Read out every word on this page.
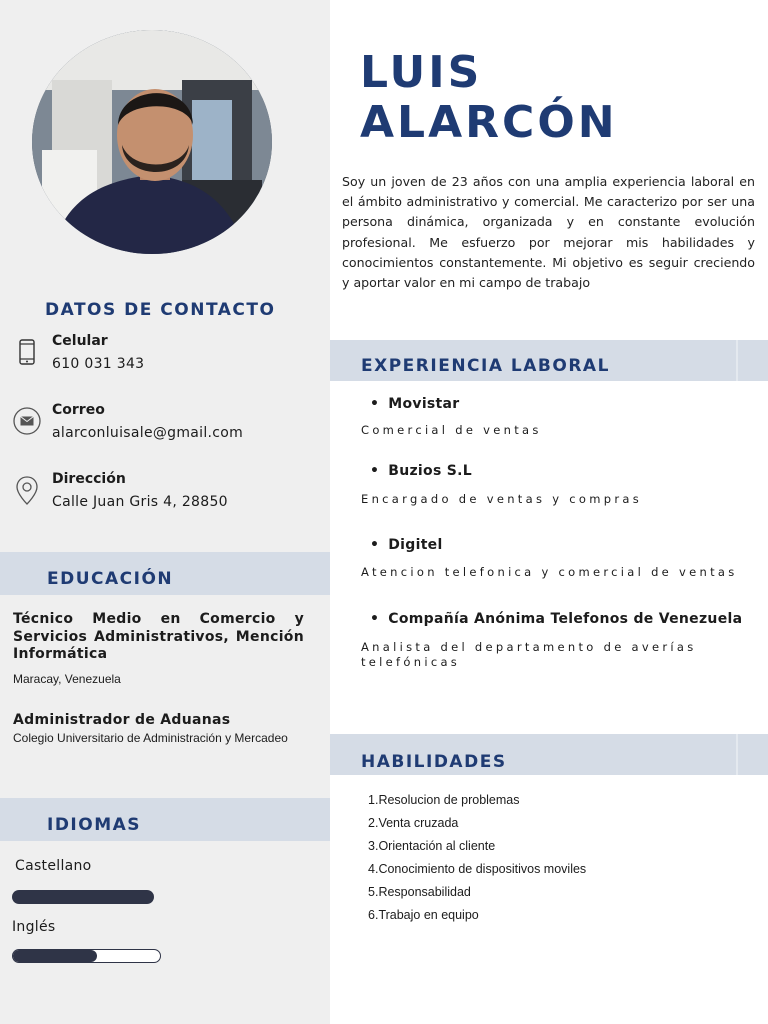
DATOS DE CONTACTO
Celular
610 031 343
Correo
alarconluisale@gmail.com
Dirección
Calle Juan Gris 4, 28850
EDUCACIÓN
Técnico Medio en Comercio y Servicios Administrativos, Mención Informática
Maracay, Venezuela
Administrador de Aduanas
Colegio Universitario de Administración y Mercadeo
IDIOMAS
Castellano
Inglés
LUIS
ALARCÓN

Soy un joven de 23 años con una amplia experiencia laboral en el ámbito administrativo y comercial. Me caracterizo por ser una persona dinámica, organizada y en constante evolución profesional. Me esfuerzo por mejorar mis habilidades y conocimientos constantemente. Mi objetivo es seguir creciendo y aportar valor en mi campo de trabajo

EXPERIENCIA LABORAL
• Movistar
Comercial de ventas
• Buzios S.L
Encargado de ventas y compras
• Digitel
Atencion telefonica y comercial de ventas
• Compañía Anónima Telefonos de Venezuela
Analista del departamento de averías telefónicas
HABILIDADES
1.Resolucion de problemas
2.Venta cruzada
3.Orientación al cliente
4.Conocimiento de dispositivos moviles
5.Responsabilidad
6.Trabajo en equipo
